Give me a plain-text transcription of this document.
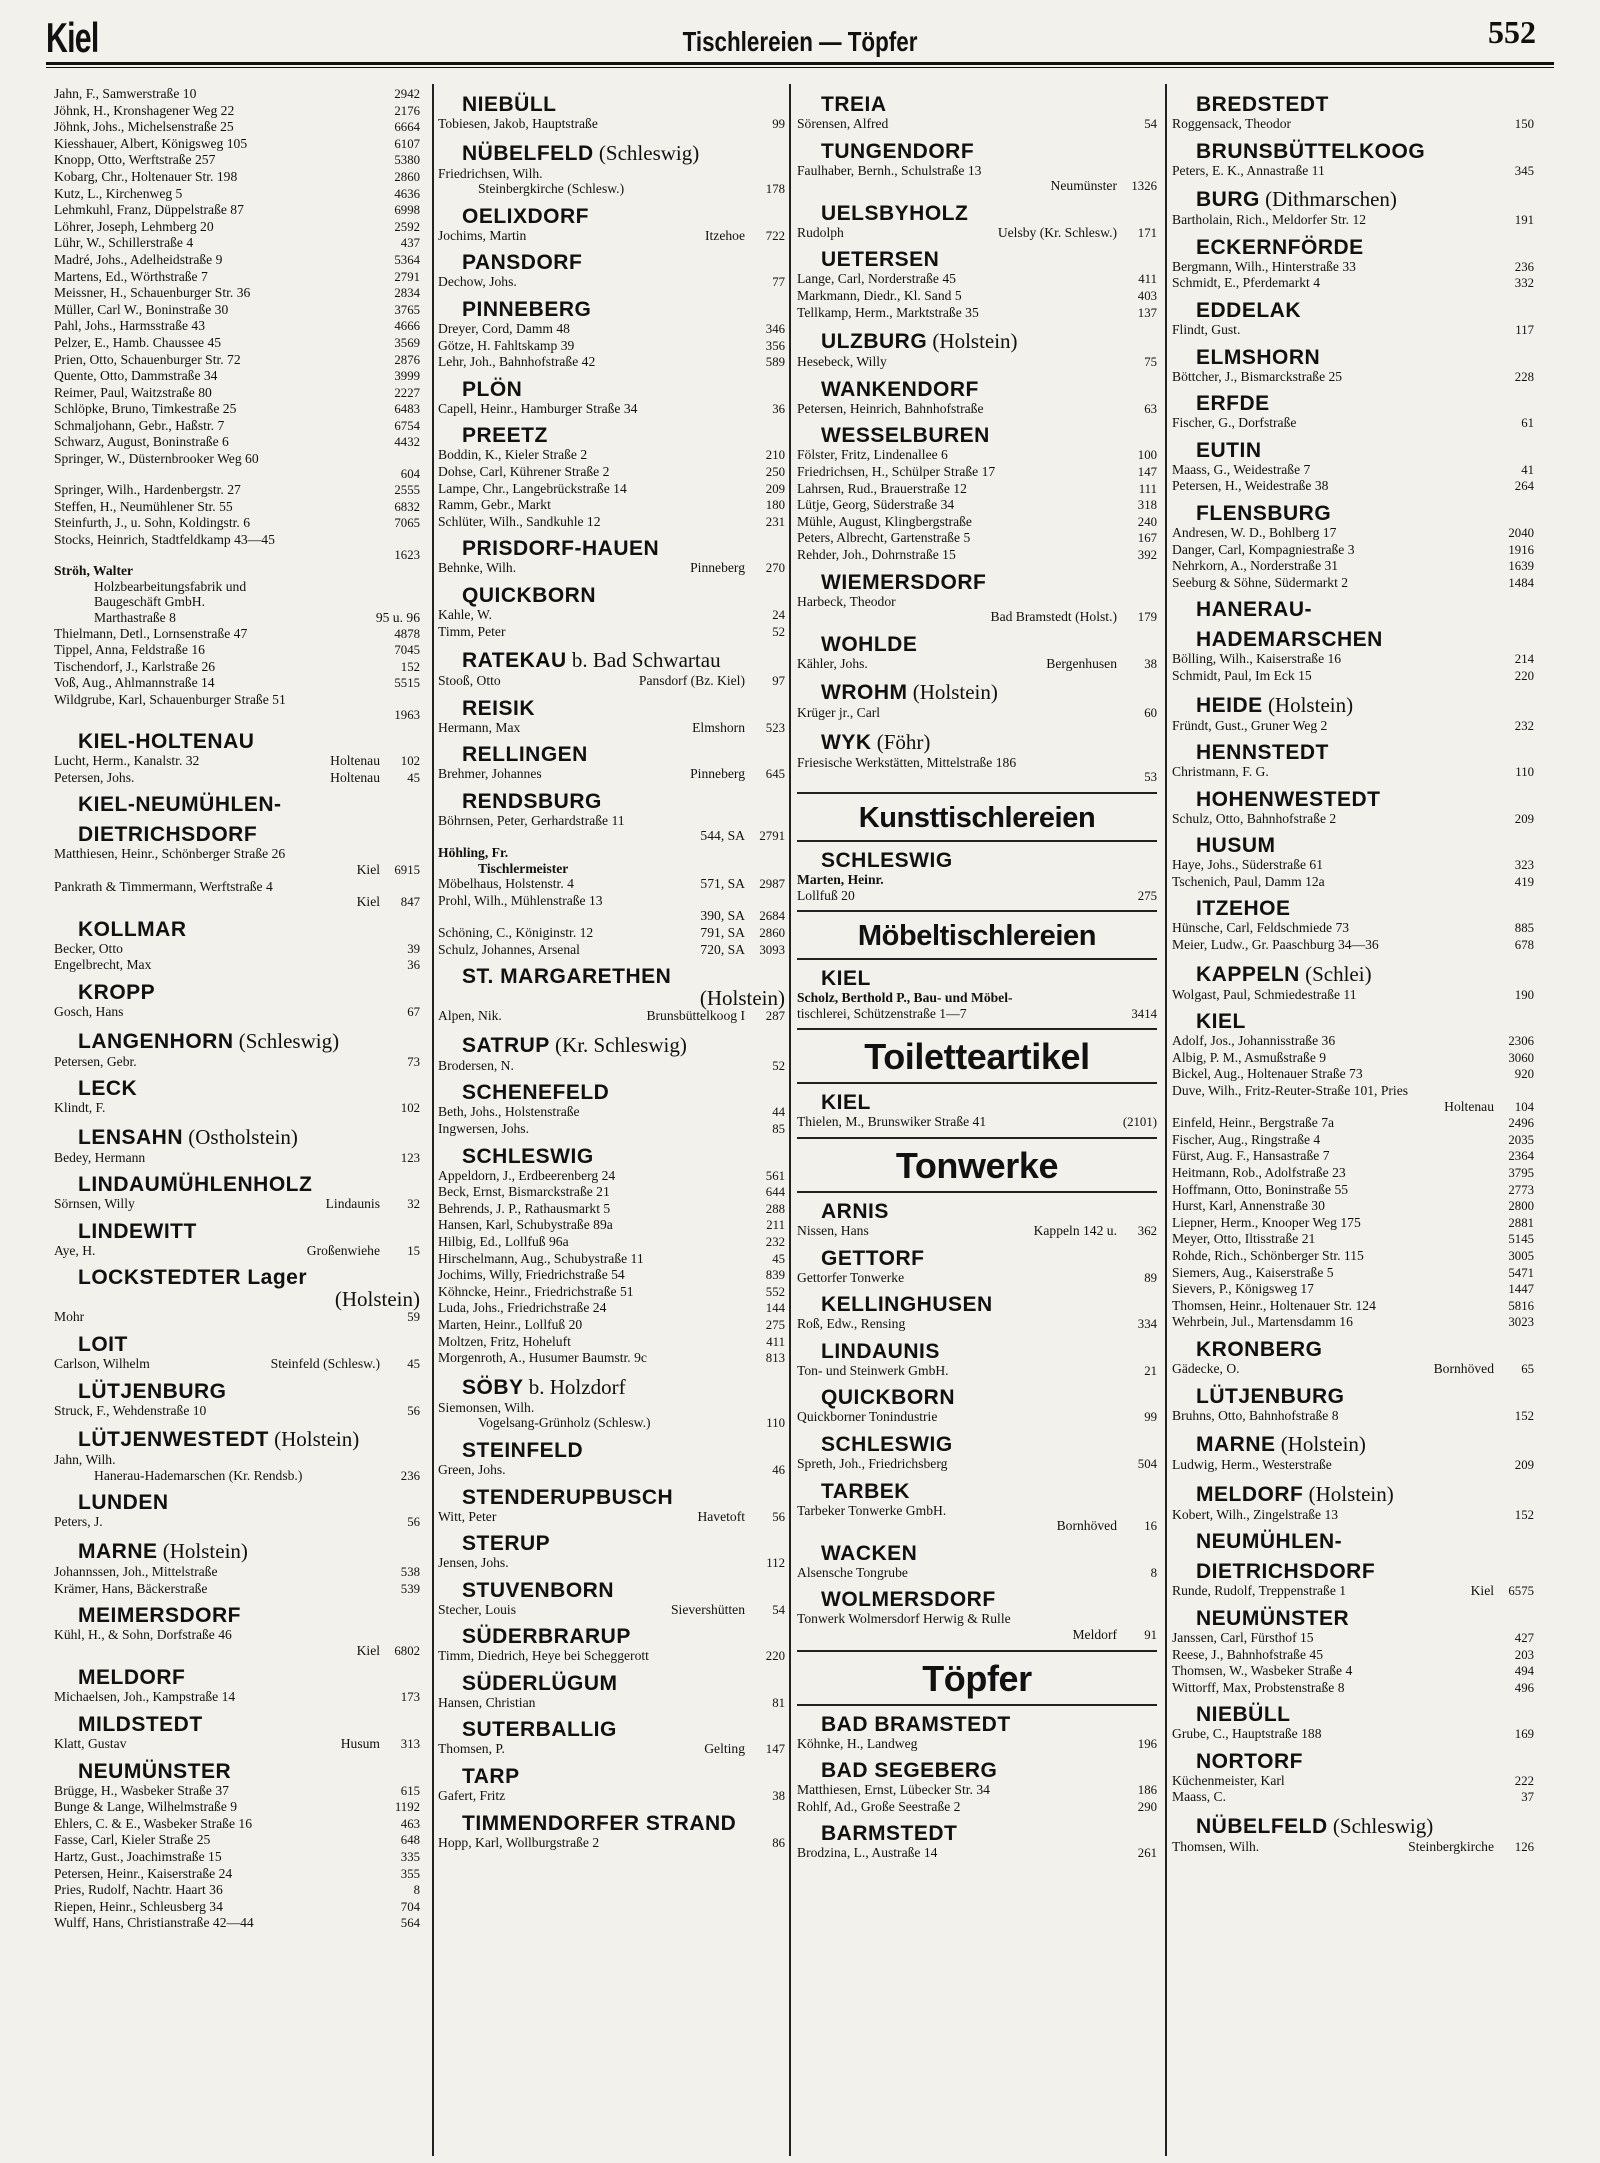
Kiel	Tischlereien — Töpfer	552
Jahn, F., Samwerstraße 10	2942
Jöhnk, H., Kronshagener Weg 22	2176
Jöhnk, Johs., Michelsenstraße 25	6664
Kiesshauer, Albert, Königsweg 105	6107
Knopp, Otto, Werftstraße 257	5380
Kobarg, Chr., Holtenauer Str. 198	2860
Kutz, L., Kirchenweg 5	4636
Lehmkuhl, Franz, Düppelstraße 87	6998
Löhrer, Joseph, Lehmberg 20	2592
Lühr, W., Schillerstraße 4	437
Madré, Johs., Adelheidstraße 9	5364
Martens, Ed., Wörthstraße 7	2791
Meissner, H., Schauenburger Str. 36	2834
Müller, Carl W., Boninstraße 30	3765
Pahl, Johs., Harmsstraße 43	4666
Pelzer, E., Hamb. Chaussee 45	3569
Prien, Otto, Schauenburger Str. 72	2876
Quente, Otto, Dammstraße 34	3999
Reimer, Paul, Waitzstraße 80	2227
Schlöpke, Bruno, Timkestraße 25	6483
Schmaljohann, Gebr., Haßstr. 7	6754
Schwarz, August, Boninstraße 6	4432
Springer, W., Düsternbrooker Weg 60
604
Springer, Wilh., Hardenbergstr. 27	2555
Steffen, H., Neumühlener Str. 55	6832
Steinfurth, J., u. Sohn, Koldingstr. 6	7065
Stocks, Heinrich, Stadtfeldkamp 43—45
1623
Ströh, Walter
Holzbearbeitungsfabrik und
Baugeschäft GmbH.
Marthastraße 8	95 u. 96
Thielmann, Detl., Lornsenstraße 47	4878
Tippel, Anna, Feldstraße 16	7045
Tischendorf, J., Karlstraße 26	152
Voß, Aug., Ahlmannstraße 14	5515
Wildgrube, Karl, Schauenburger Straße 51
1963
KIEL-HOLTENAU
Lucht, Herm., Kanalstr. 32	Holtenau	102
Petersen, Johs.	Holtenau	45
KIEL-NEUMÜHLEN-
DIETRICHSDORF
Matthiesen, Heinr., Schönberger Straße 26
Kiel	6915
Pankrath & Timmermann, Werftstraße 4
Kiel	847
KOLLMAR
Becker, Otto	39
Engelbrecht, Max	36
KROPP
Gosch, Hans	67
LANGENHORN (Schleswig)
Petersen, Gebr.	73
LECK
Klindt, F.	102
LENSAHN (Ostholstein)
Bedey, Hermann	123
LINDAUMÜHLENHOLZ
Sörnsen, Willy	Lindaunis	32
LINDEWITT
Aye, H.	Großenwiehe	15
LOCKSTEDTER Lager
(Holstein)
Mohr	59
LOIT
Carlson, Wilhelm	Steinfeld (Schlesw.)	45
LÜTJENBURG
Struck, F., Wehdenstraße 10	56
LÜTJENWESTEDT (Holstein)
Jahn, Wilh.
Hanerau-Hademarschen (Kr. Rendsb.)	236
LUNDEN
Peters, J.	56
MARNE (Holstein)
Johannssen, Joh., Mittelstraße	538
Krämer, Hans, Bäckerstraße	539
MEIMERSDORF
Kühl, H., & Sohn, Dorfstraße 46
Kiel	6802
MELDORF
Michaelsen, Joh., Kampstraße 14	173
MILDSTEDT
Klatt, Gustav	Husum	313
NEUMÜNSTER
Brügge, H., Wasbeker Straße 37	615
Bunge & Lange, Wilhelmstraße 9	1192
Ehlers, C. & E., Wasbeker Straße 16	463
Fasse, Carl, Kieler Straße 25	648
Hartz, Gust., Joachimstraße 15	335
Petersen, Heinr., Kaiserstraße 24	355
Pries, Rudolf, Nachtr. Haart 36	8
Riepen, Heinr., Schleusberg 34	704
Wulff, Hans, Christianstraße 42—44	564
NIEBÜLL
Tobiesen, Jakob, Hauptstraße	99
NÜBELFELD (Schleswig)
Friedrichsen, Wilh.
Steinbergkirche (Schlesw.)	178
OELIXDORF
Jochims, Martin	Itzehoe	722
PANSDORF
Dechow, Johs.	77
PINNEBERG
Dreyer, Cord, Damm 48	346
Götze, H. Fahltskamp 39	356
Lehr, Joh., Bahnhofstraße 42	589
PLÖN
Capell, Heinr., Hamburger Straße 34	36
PREETZ
Boddin, K., Kieler Straße 2	210
Dohse, Carl, Kührener Straße 2	250
Lampe, Chr., Langebrückstraße 14	209
Ramm, Gebr., Markt	180
Schlüter, Wilh., Sandkuhle 12	231
PRISDORF-HAUEN
Behnke, Wilh.	Pinneberg	270
QUICKBORN
Kahle, W.	24
Timm, Peter	52
RATEKAU b. Bad Schwartau
Stooß, Otto	Pansdorf (Bz. Kiel)	97
REISIK
Hermann, Max	Elmshorn	523
RELLINGEN
Brehmer, Johannes	Pinneberg	645
RENDSBURG
Böhrnsen, Peter, Gerhardstraße 11
544, SA	2791
Höhling, Fr.
Tischlermeister
Möbelhaus, Holstenstr. 4	571, SA	2987
Prohl, Wilh., Mühlenstraße 13
390, SA	2684
Schöning, C., Königinstr. 12	791, SA	2860
Schulz, Johannes, Arsenal	720, SA	3093
ST. MARGARETHEN
(Holstein)
Alpen, Nik.	Brunsbüttelkoog I	287
SATRUP (Kr. Schleswig)
Brodersen, N.	52
SCHENEFELD
Beth, Johs., Holstenstraße	44
Ingwersen, Johs.	85
SCHLESWIG
Appeldorn, J., Erdbeerenberg 24	561
Beck, Ernst, Bismarckstraße 21	644
Behrends, J. P., Rathausmarkt 5	288
Hansen, Karl, Schubystraße 89a	211
Hilbig, Ed., Lollfuß 96a	232
Hirschelmann, Aug., Schubystraße 11	45
Jochims, Willy, Friedrichstraße 54	839
Köhncke, Heinr., Friedrichstraße 51	552
Luda, Johs., Friedrichstraße 24	144
Marten, Heinr., Lollfuß 20	275
Moltzen, Fritz, Hoheluft	411
Morgenroth, A., Husumer Baumstr. 9c	813
SÖBY b. Holzdorf
Siemonsen, Wilh.
Vogelsang-Grünholz (Schlesw.)	110
STEINFELD
Green, Johs.	46
STENDERUPBUSCH
Witt, Peter	Havetoft	56
STERUP
Jensen, Johs.	112
STUVENBORN
Stecher, Louis	Sievershütten	54
SÜDERBRARUP
Timm, Diedrich, Heye bei Scheggerott	220
SÜDERLÜGUM
Hansen, Christian	81
SUTERBALLIG
Thomsen, P.	Gelting	147
TARP
Gafert, Fritz	38
TIMMENDORFER STRAND
Hopp, Karl, Wollburgstraße 2	86
TREIA
Sörensen, Alfred	54
TUNGENDORF
Faulhaber, Bernh., Schulstraße 13
Neumünster	1326
UELSBYHOLZ
Rudolph	Uelsby (Kr. Schlesw.)	171
UETERSEN
Lange, Carl, Norderstraße 45	411
Markmann, Diedr., Kl. Sand 5	403
Tellkamp, Herm., Marktstraße 35	137
ULZBURG (Holstein)
Hesebeck, Willy	75
WANKENDORF
Petersen, Heinrich, Bahnhofstraße	63
WESSELBUREN
Fölster, Fritz, Lindenallee 6	100
Friedrichsen, H., Schülper Straße 17	147
Lahrsen, Rud., Brauerstraße 12	111
Lütje, Georg, Süderstraße 34	318
Mühle, August, Klingbergstraße	240
Peters, Albrecht, Gartenstraße 5	167
Rehder, Joh., Dohrnstraße 15	392
WIEMERSDORF
Harbeck, Theodor
Bad Bramstedt (Holst.)	179
WOHLDE
Kähler, Johs.	Bergenhusen	38
WROHM (Holstein)
Krüger jr., Carl	60
WYK (Föhr)
Friesische Werkstätten, Mittelstraße 186
53
Kunsttischlereien
SCHLESWIG
Marten, Heinr.
Lollfuß 20	275
Möbeltischlereien
KIEL
Scholz, Berthold P., Bau- und Möbel-
tischlerei, Schützenstraße 1—7	3414
Toiletteartikel
KIEL
Thielen, M., Brunswiker Straße 41	(2101)
Tonwerke
ARNIS
Nissen, Hans	Kappeln 142 u.	362
GETTORF
Gettorfer Tonwerke	89
KELLINGHUSEN
Roß, Edw., Rensing	334
LINDAUNIS
Ton- und Steinwerk GmbH.	21
QUICKBORN
Quickborner Tonindustrie	99
SCHLESWIG
Spreth, Joh., Friedrichsberg	504
TARBEK
Tarbeker Tonwerke GmbH.
Bornhöved	16
WACKEN
Alsensche Tongrube	8
WOLMERSDORF
Tonwerk Wolmersdorf Herwig & Rulle
Meldorf	91
Töpfer
BAD BRAMSTEDT
Köhnke, H., Landweg	196
BAD SEGEBERG
Matthiesen, Ernst, Lübecker Str. 34	186
Rohlf, Ad., Große Seestraße 2	290
BARMSTEDT
Brodzina, L., Austraße 14	261
BREDSTEDT
Roggensack, Theodor	150
BRUNSBÜTTELKOOG
Peters, E. K., Annastraße 11	345
BURG (Dithmarschen)
Bartholain, Rich., Meldorfer Str. 12	191
ECKERNFÖRDE
Bergmann, Wilh., Hinterstraße 33	236
Schmidt, E., Pferdemarkt 4	332
EDDELAK
Flindt, Gust.	117
ELMSHORN
Böttcher, J., Bismarckstraße 25	228
ERFDE
Fischer, G., Dorfstraße	61
EUTIN
Maass, G., Weidestraße 7	41
Petersen, H., Weidestraße 38	264
FLENSBURG
Andresen, W. D., Bohlberg 17	2040
Danger, Carl, Kompagniestraße 3	1916
Nehrkorn, A., Norderstraße 31	1639
Seeburg & Söhne, Südermarkt 2	1484
HANERAU-
HADEMARSCHEN
Bölling, Wilh., Kaiserstraße 16	214
Schmidt, Paul, Im Eck 15	220
HEIDE (Holstein)
Fründt, Gust., Gruner Weg 2	232
HENNSTEDT
Christmann, F. G.	110
HOHENWESTEDT
Schulz, Otto, Bahnhofstraße 2	209
HUSUM
Haye, Johs., Süderstraße 61	323
Tschenich, Paul, Damm 12a	419
ITZEHOE
Hünsche, Carl, Feldschmiede 73	885
Meier, Ludw., Gr. Paaschburg 34—36	678
KAPPELN (Schlei)
Wolgast, Paul, Schmiedestraße 11	190
KIEL
Adolf, Jos., Johannisstraße 36	2306
Albig, P. M., Asmußstraße 9	3060
Bickel, Aug., Holtenauer Straße 73	920
Duve, Wilh., Fritz-Reuter-Straße 101, Pries
Holtenau	104
Einfeld, Heinr., Bergstraße 7a	2496
Fischer, Aug., Ringstraße 4	2035
Fürst, Aug. F., Hansastraße 7	2364
Heitmann, Rob., Adolfstraße 23	3795
Hoffmann, Otto, Boninstraße 55	2773
Hurst, Karl, Annenstraße 30	2800
Liepner, Herm., Knooper Weg 175	2881
Meyer, Otto, Iltisstraße 21	5145
Rohde, Rich., Schönberger Str. 115	3005
Siemers, Aug., Kaiserstraße 5	5471
Sievers, P., Königsweg 17	1447
Thomsen, Heinr., Holtenauer Str. 124	5816
Wehrbein, Jul., Martensdamm 16	3023
KRONBERG
Gädecke, O.	Bornhöved	65
LÜTJENBURG
Bruhns, Otto, Bahnhofstraße 8	152
MARNE (Holstein)
Ludwig, Herm., Westerstraße	209
MELDORF (Holstein)
Kobert, Wilh., Zingelstraße 13	152
NEUMÜHLEN-
DIETRICHSDORF
Runde, Rudolf, Treppenstraße 1	Kiel	6575
NEUMÜNSTER
Janssen, Carl, Fürsthof 15	427
Reese, J., Bahnhofstraße 45	203
Thomsen, W., Wasbeker Straße 4	494
Wittorff, Max, Probstenstraße 8	496
NIEBÜLL
Grube, C., Hauptstraße 188	169
NORTORF
Küchenmeister, Karl	222
Maass, C.	37
NÜBELFELD (Schleswig)
Thomsen, Wilh.	Steinbergkirche	126
